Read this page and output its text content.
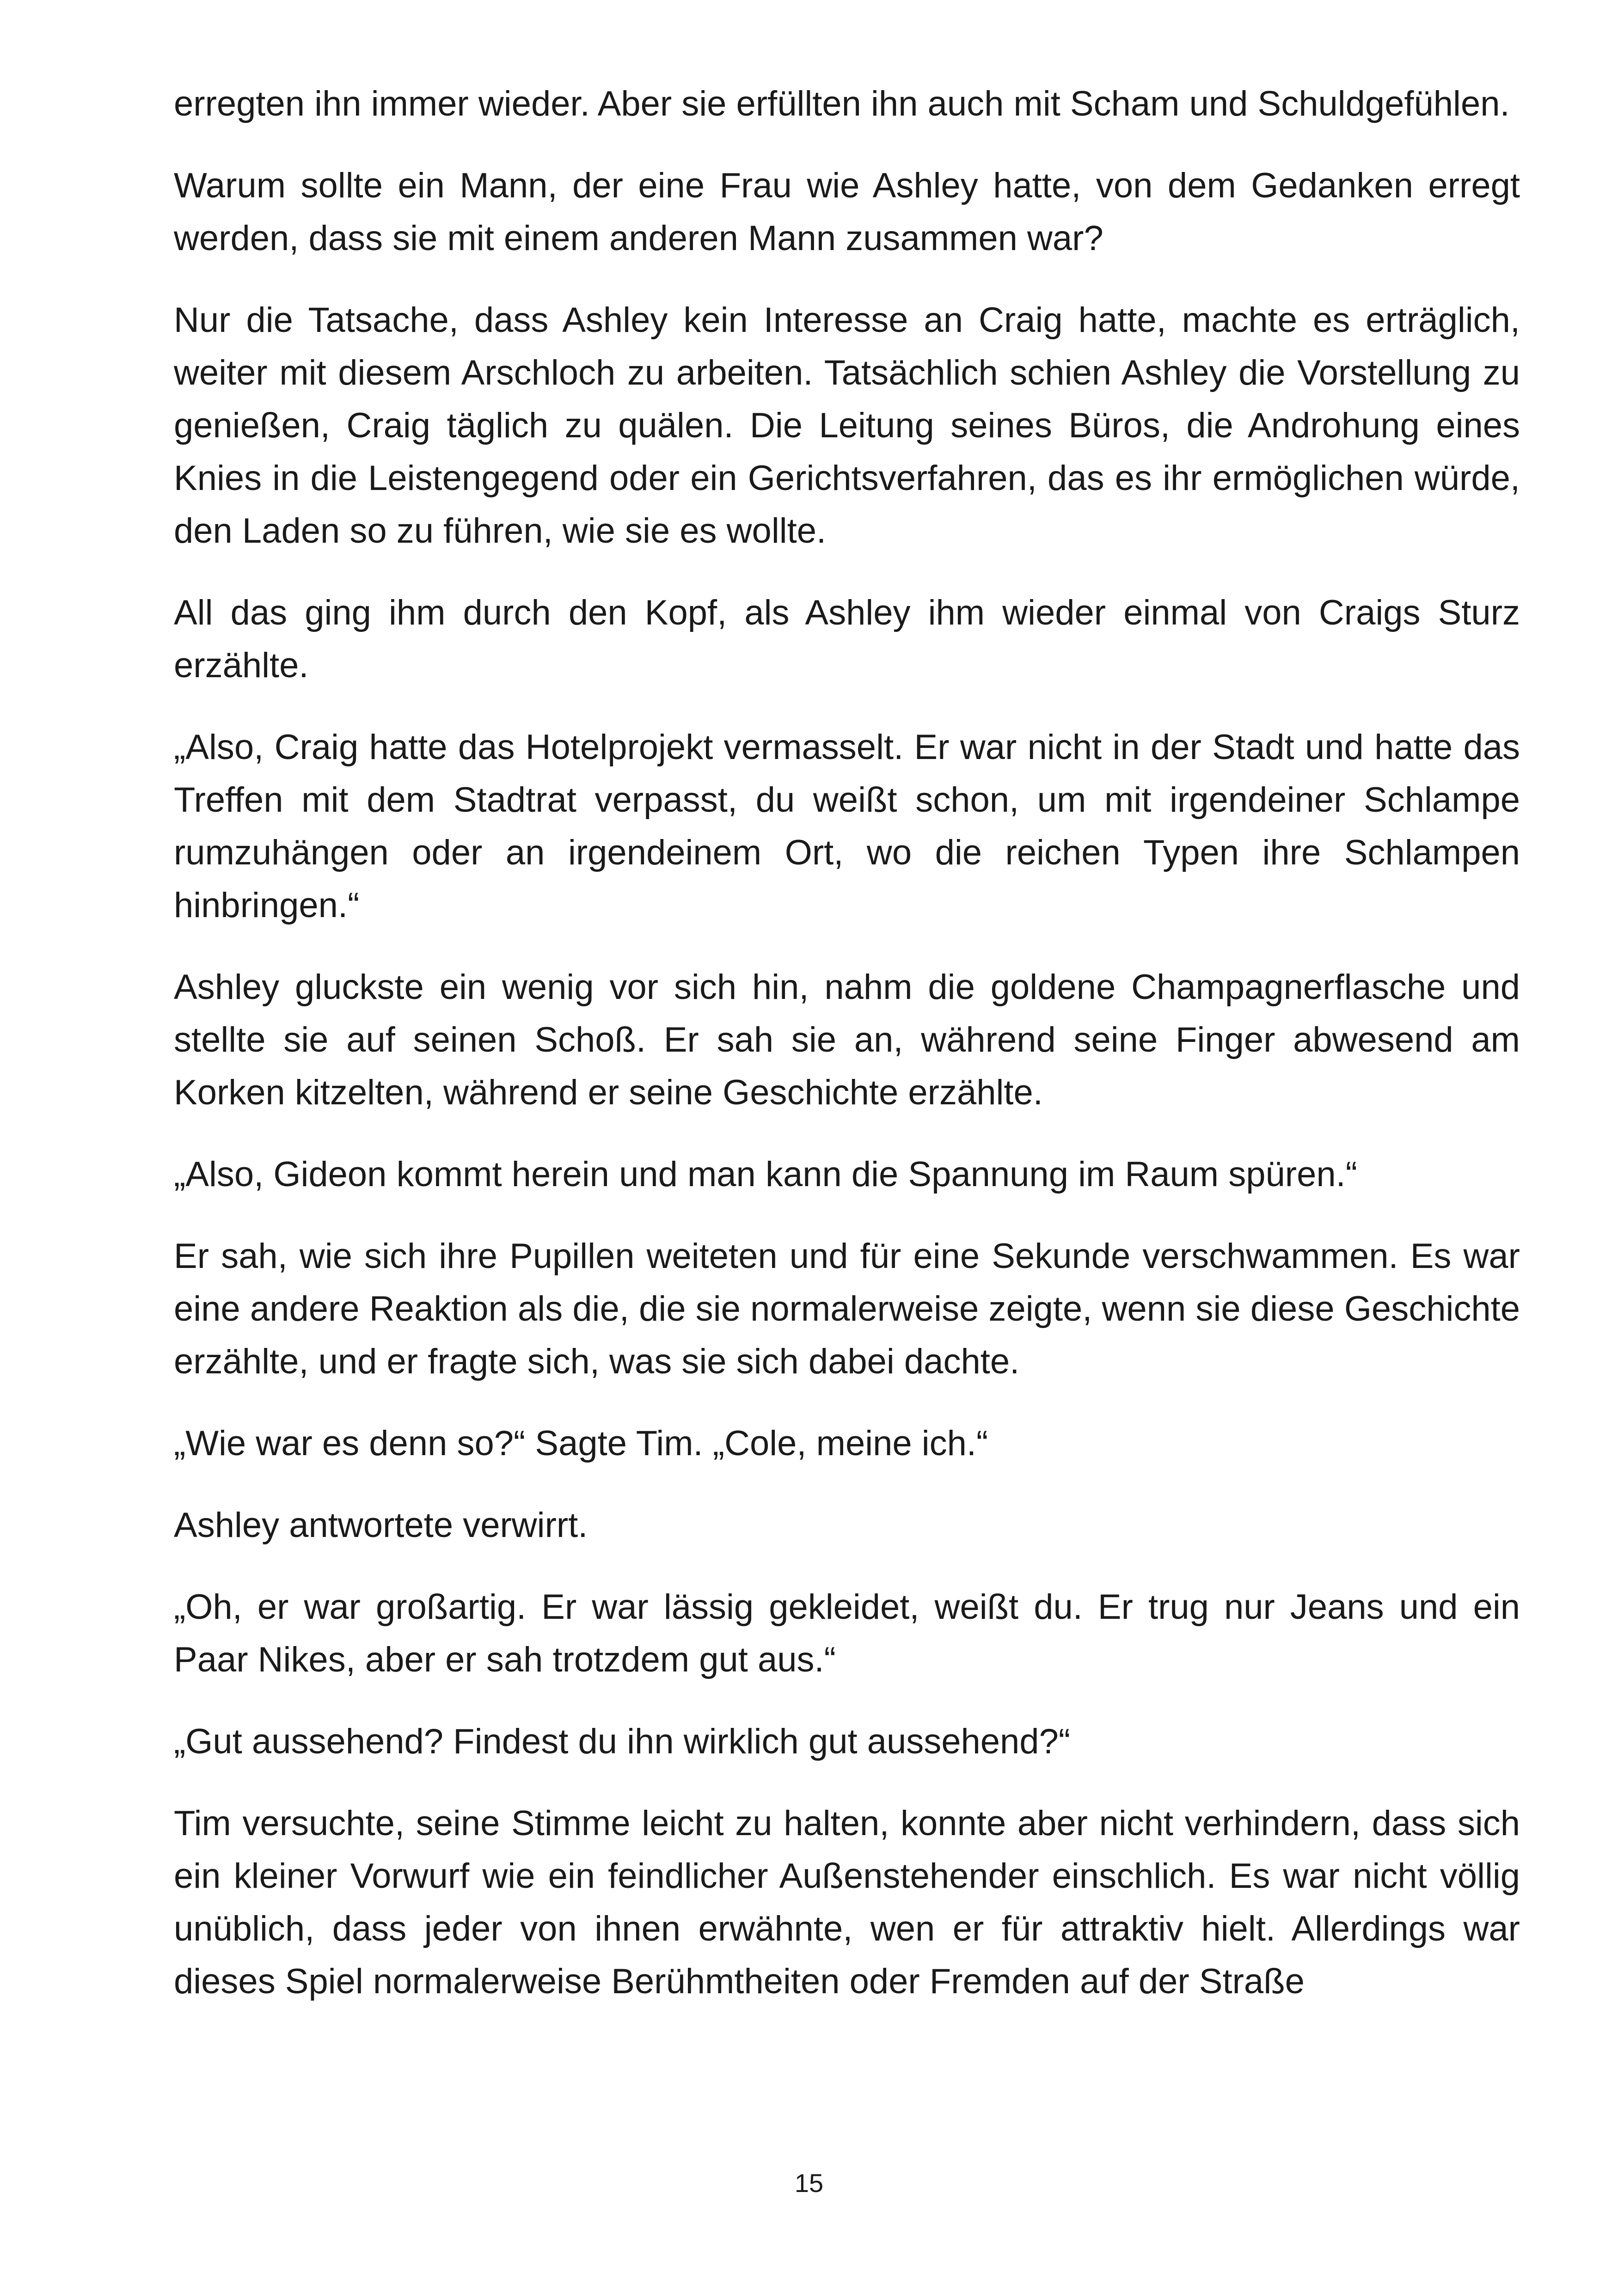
erregten ihn immer wieder. Aber sie erfüllten ihn auch mit Scham und Schuldgefühlen.

Warum sollte ein Mann, der eine Frau wie Ashley hatte, von dem Gedanken erregt werden, dass sie mit einem anderen Mann zusammen war?

Nur die Tatsache, dass Ashley kein Interesse an Craig hatte, machte es erträglich, weiter mit diesem Arschloch zu arbeiten. Tatsächlich schien Ashley die Vorstellung zu genießen, Craig täglich zu quälen. Die Leitung seines Büros, die Androhung eines Knies in die Leistengegend oder ein Gerichtsverfahren, das es ihr ermöglichen würde, den Laden so zu führen, wie sie es wollte.

All das ging ihm durch den Kopf, als Ashley ihm wieder einmal von Craigs Sturz erzählte.

„Also, Craig hatte das Hotelprojekt vermasselt. Er war nicht in der Stadt und hatte das Treffen mit dem Stadtrat verpasst, du weißt schon, um mit irgendeiner Schlampe rumzuhängen oder an irgendeinem Ort, wo die reichen Typen ihre Schlampen hinbringen.“

Ashley gluckste ein wenig vor sich hin, nahm die goldene Champagnerflasche und stellte sie auf seinen Schoß. Er sah sie an, während seine Finger abwesend am Korken kitzelten, während er seine Geschichte erzählte.

„Also, Gideon kommt herein und man kann die Spannung im Raum spüren.“

Er sah, wie sich ihre Pupillen weiteten und für eine Sekunde verschwammen. Es war eine andere Reaktion als die, die sie normalerweise zeigte, wenn sie diese Geschichte erzählte, und er fragte sich, was sie sich dabei dachte.

„Wie war es denn so?“ Sagte Tim. „Cole, meine ich.“

Ashley antwortete verwirrt.

„Oh, er war großartig. Er war lässig gekleidet, weißt du. Er trug nur Jeans und ein Paar Nikes, aber er sah trotzdem gut aus.“

„Gut aussehend? Findest du ihn wirklich gut aussehend?“

Tim versuchte, seine Stimme leicht zu halten, konnte aber nicht verhindern, dass sich ein kleiner Vorwurf wie ein feindlicher Außenstehender einschlich. Es war nicht völlig unüblich, dass jeder von ihnen erwähnte, wen er für attraktiv hielt. Allerdings war dieses Spiel normalerweise Berühmtheiten oder Fremden auf der Straße

15
